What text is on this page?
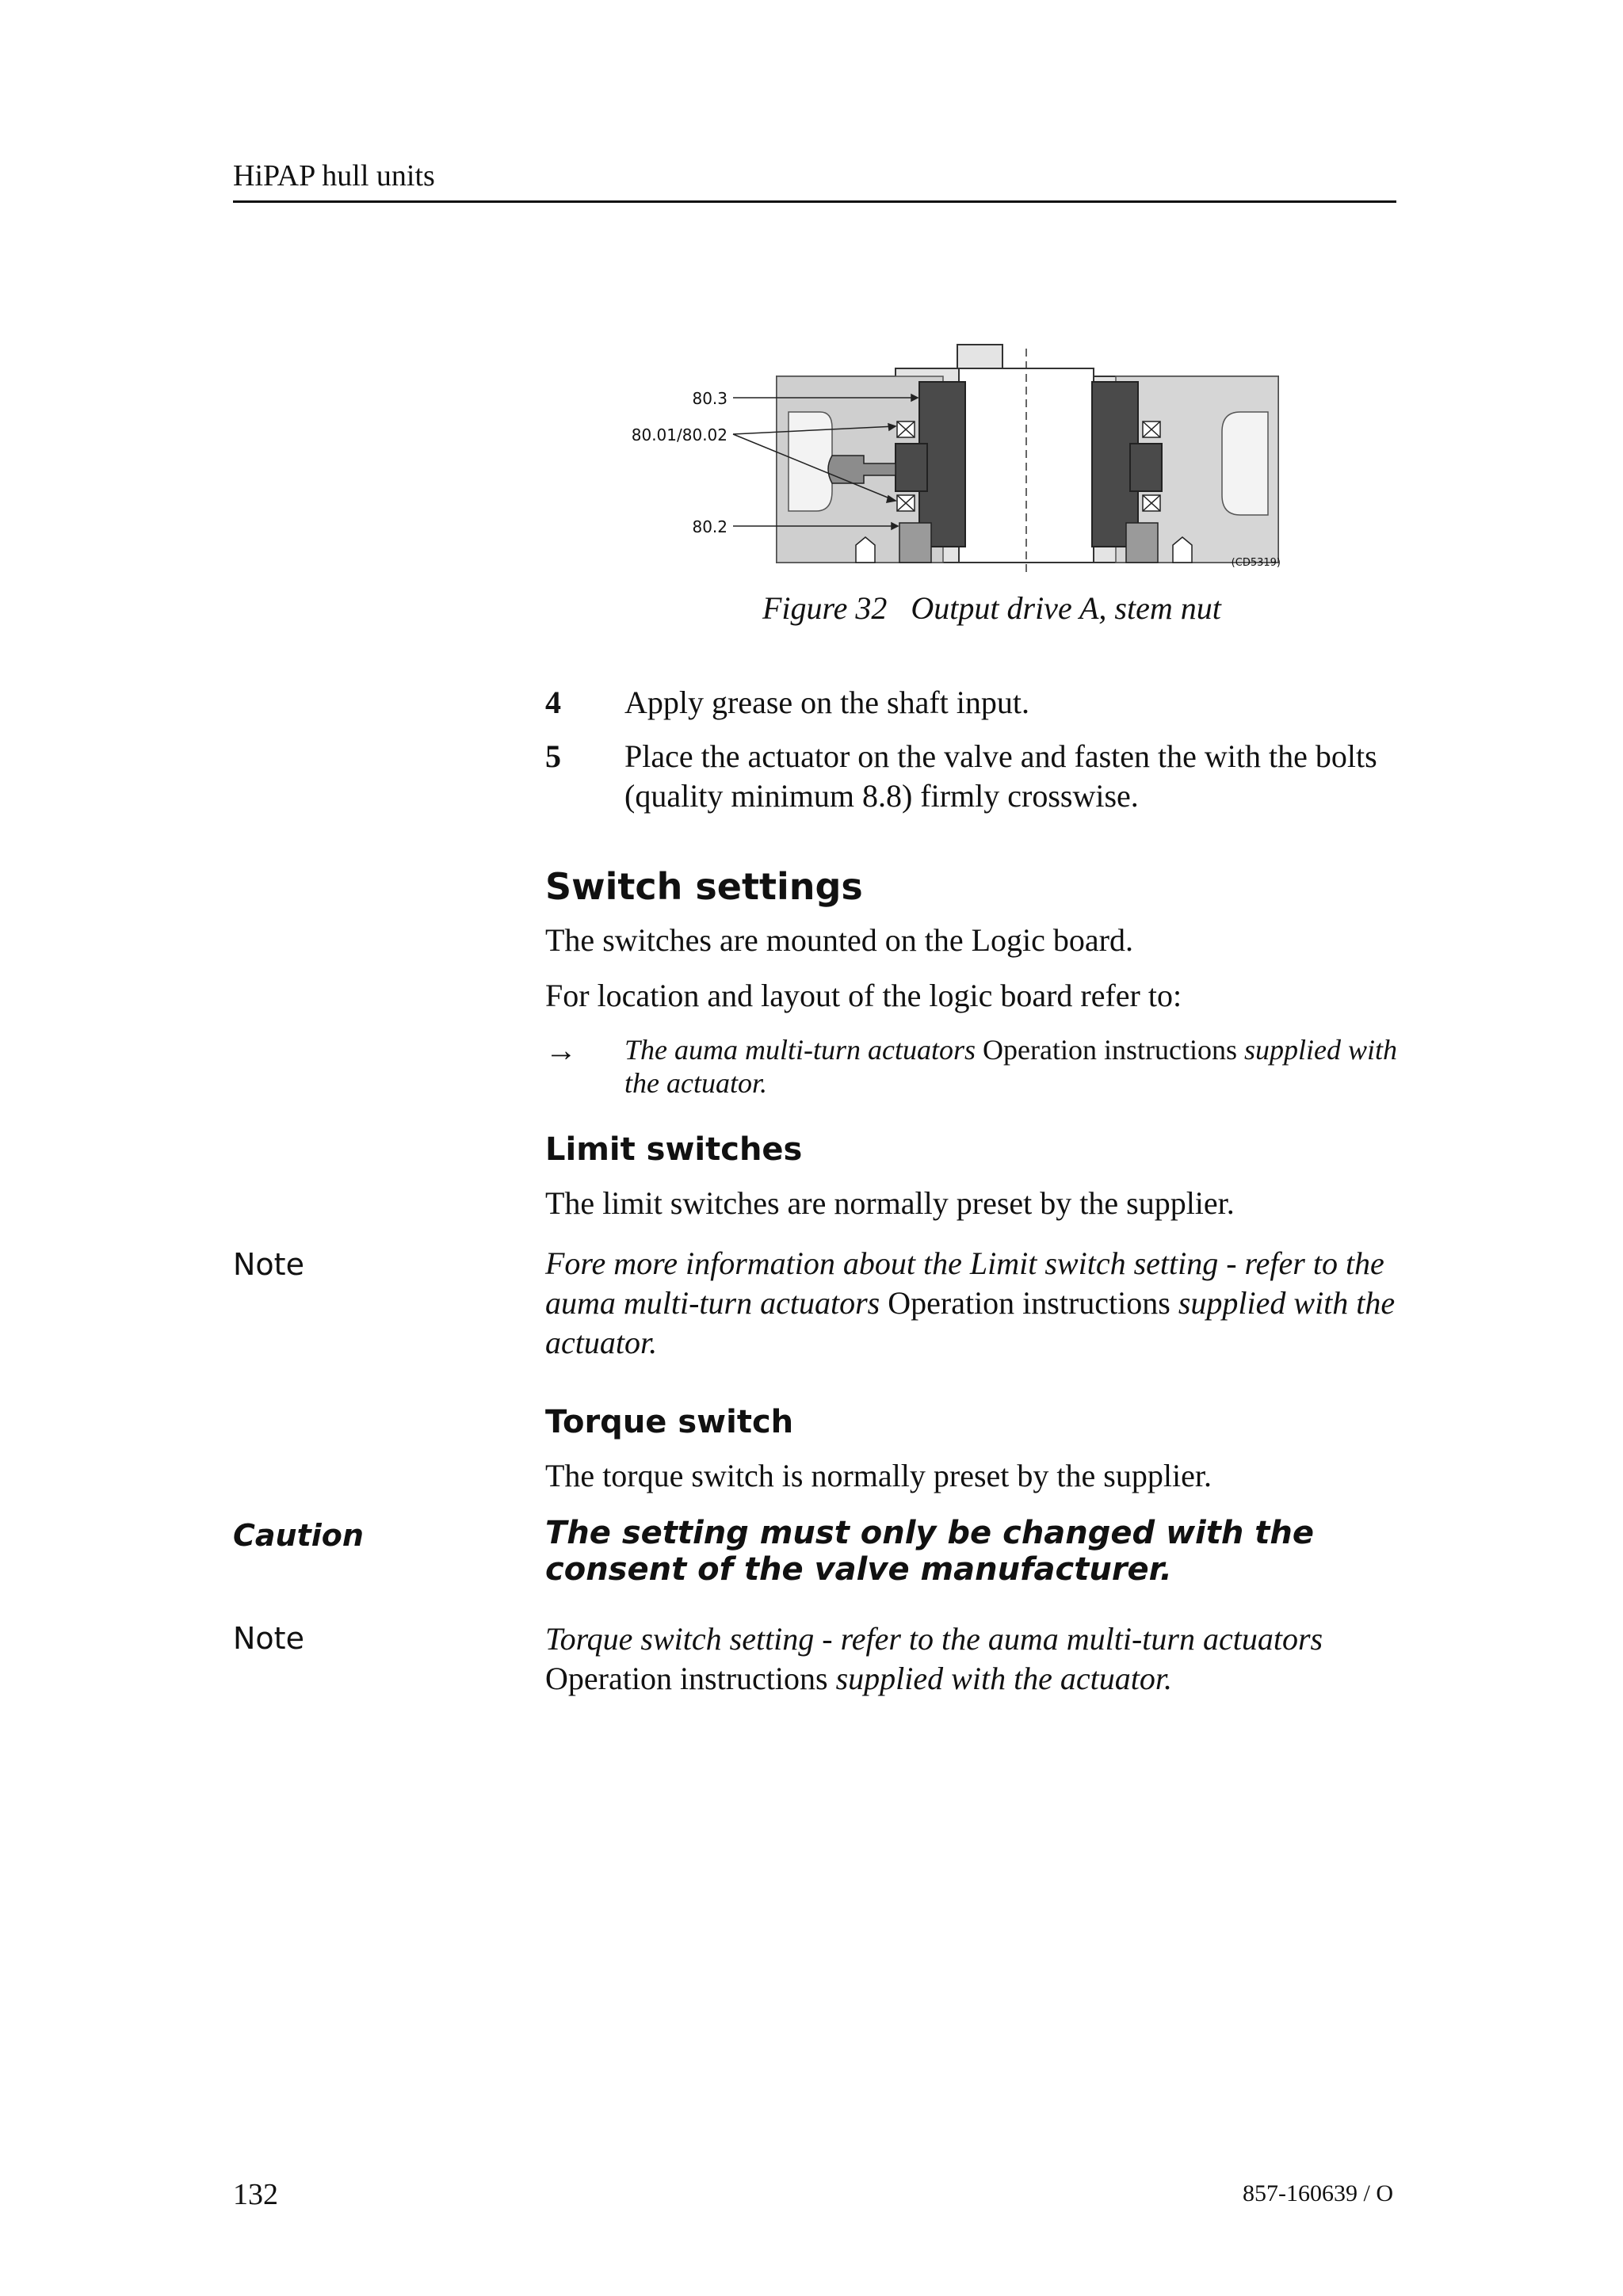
HiPAP hull units
80.3
80.01/80.02
80.2
(CD5319)
Figure 32 Output drive A, stem nut
4 Apply grease on the shaft input.
5 Place the actuator on the valve and fasten the with the bolts (quality minimum 8.8) firmly crosswise.
Switch settings
The switches are mounted on the Logic board.
For location and layout of the logic board refer to:
→ The auma multi-turn actuators Operation instructions supplied with the actuator.
Limit switches
The limit switches are normally preset by the supplier.
Note	Fore more information about the Limit switch setting - refer to the auma multi-turn actuators Operation instructions supplied with the actuator.
Torque switch
The torque switch is normally preset by the supplier.
Caution	The setting must only be changed with the consent of the valve manufacturer.
Note	Torque switch setting - refer to the auma multi-turn actuators Operation instructions supplied with the actuator.
132	857-160639 / O
